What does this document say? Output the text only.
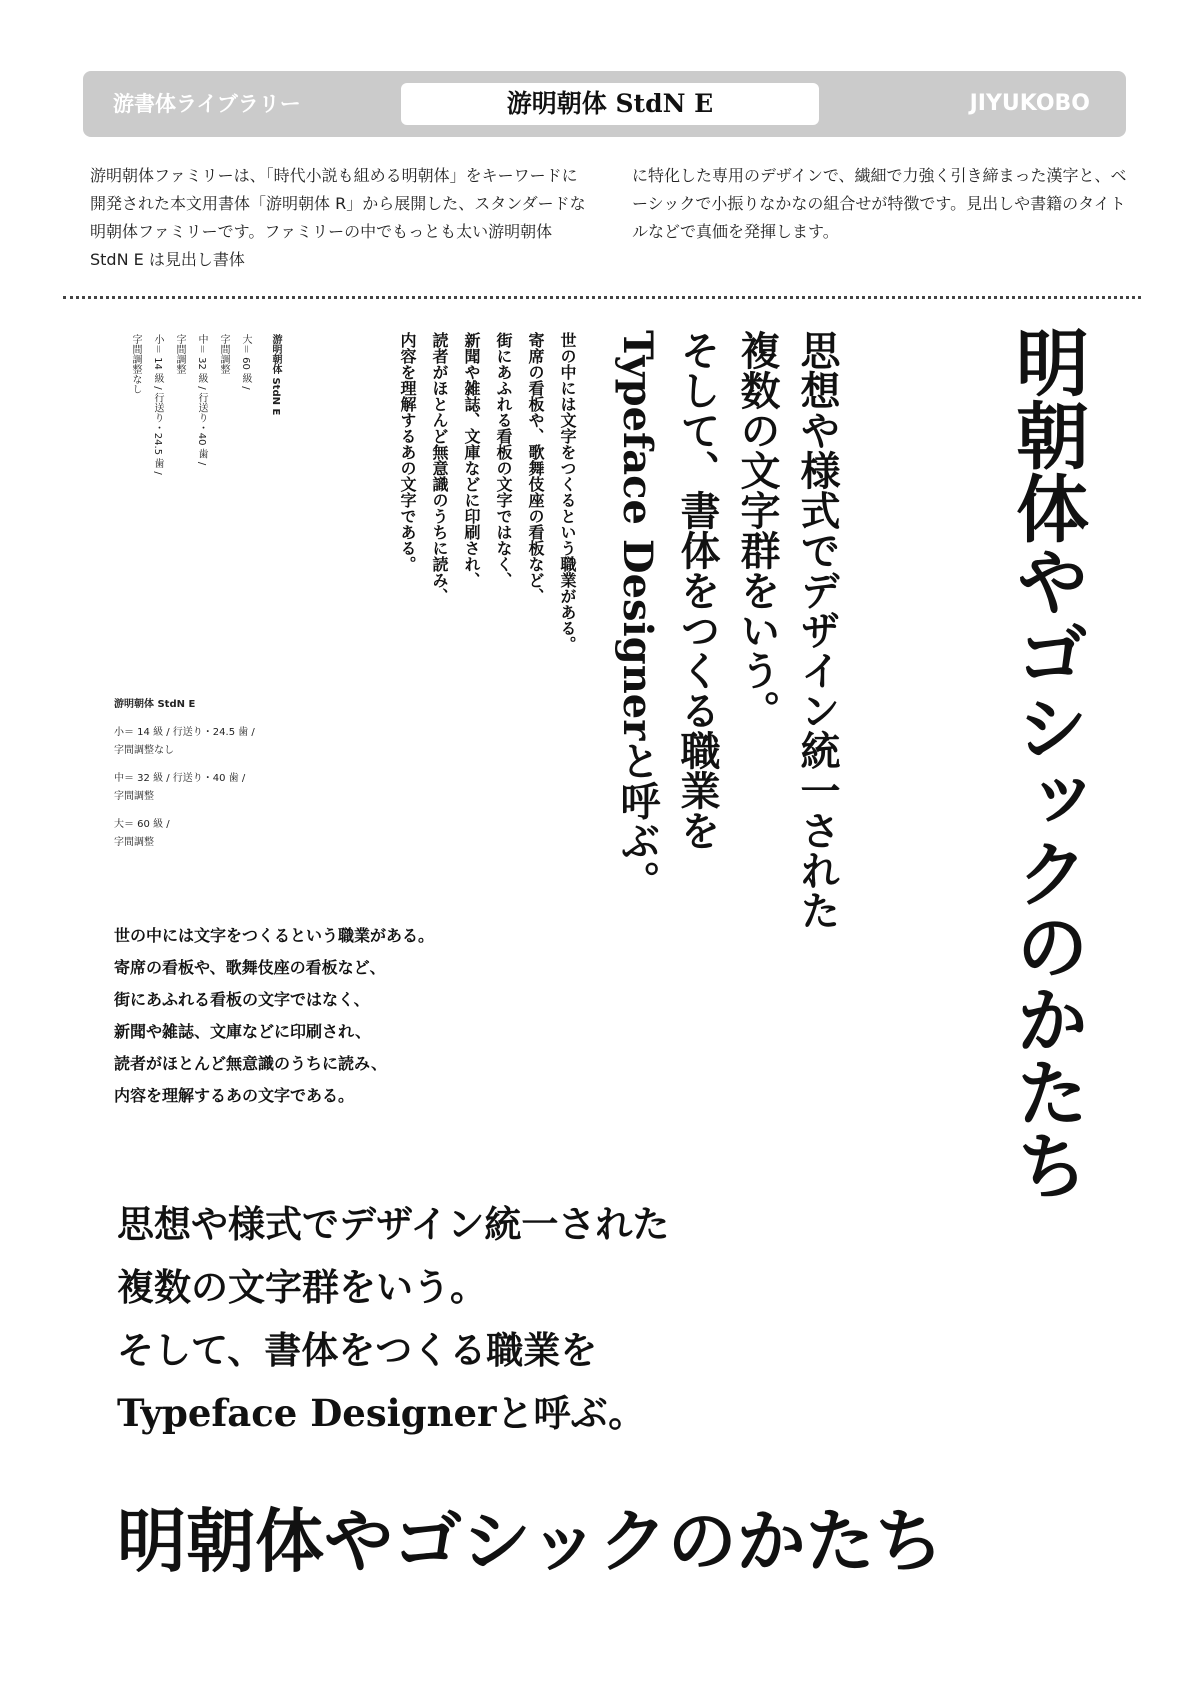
游書体ライブラリー	游明朝体 StdN E	JIYUKOBO

游明朝体ファミリーは、「時代小説も組める明朝体」をキーワードに開発された本文用書体「游明朝体 R」から展開した、スタンダードな明朝体ファミリーです。ファミリーの中でもっとも太い游明朝体 StdN E は見出し書体

に特化した専用のデザインで、繊細で力強く引き締まった漢字と、ベーシックで小振りなかなの組合せが特徴です。見出しや書籍のタイトルなどで真価を発揮します。

游明朝体 StdN E
大＝ 60 級 /
字間調整
中＝ 32 級 / 行送り・40 歯 /
字間調整
小＝ 14 級 / 行送り・24.5 歯 /
字間調整なし	世の中には文字をつくるという職業がある。
寄席の看板や、歌舞伎座の看板など、
街にあふれる看板の文字ではなく、
新聞や雑誌、文庫などに印刷され、
読者がほとんど無意識のうちに読み、
内容を理解するあの文字である。	思想や様式でデザイン統一された
複数の文字群をいう。
そして、書体をつくる職業を
Typeface Designerと呼ぶ。	明朝体やゴシックのかたち
游明朝体 StdN E
小＝ 14 級 / 行送り・24.5 歯 /
字間調整なし
中＝ 32 級 / 行送り・40 歯 /
字間調整
大＝ 60 級 /
字間調整
世の中には文字をつくるという職業がある。
寄席の看板や、歌舞伎座の看板など、
街にあふれる看板の文字ではなく、
新聞や雑誌、文庫などに印刷され、
読者がほとんど無意識のうちに読み、
内容を理解するあの文字である。
思想や様式でデザイン統一された
複数の文字群をいう。
そして、書体をつくる職業を
Typeface Designerと呼ぶ。
明朝体やゴシックのかたち
